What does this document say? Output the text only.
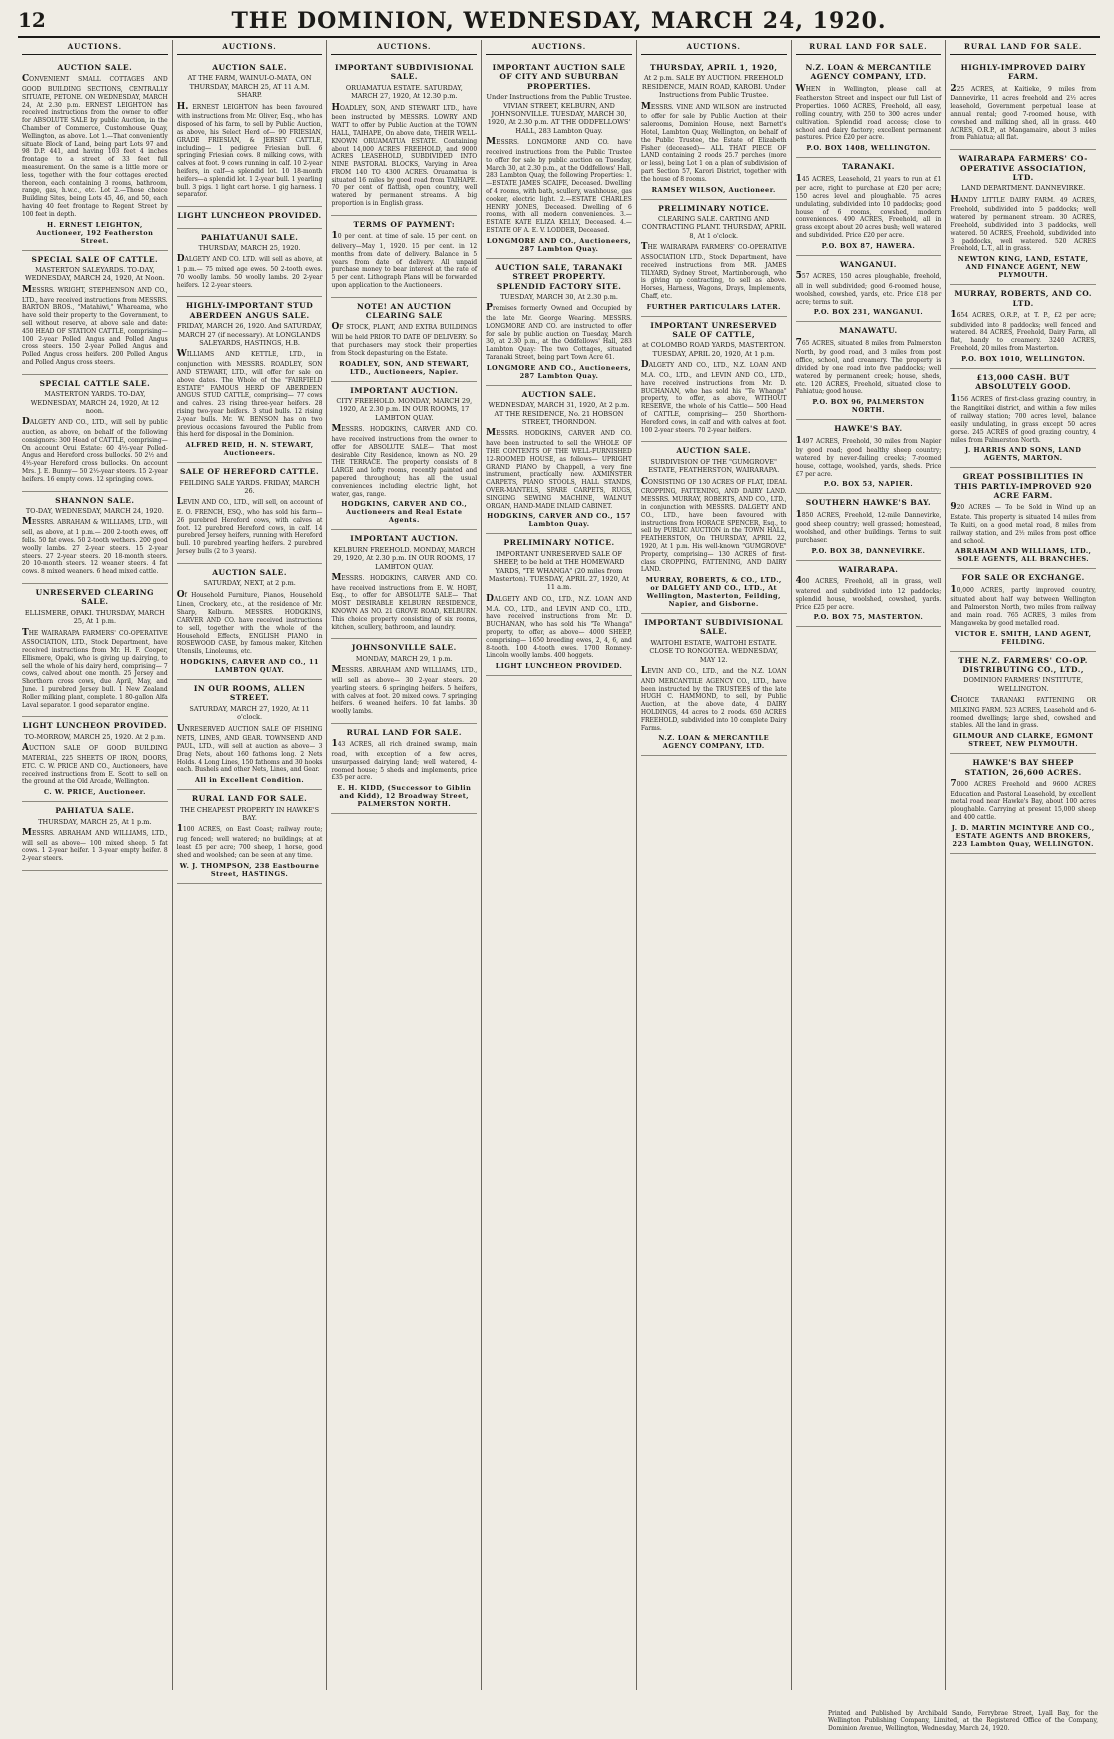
12	THE DOMINION, WEDNESDAY, MARCH 24, 1920.
AUCTIONS.
AUCTION SALE.
CONVENIENT SMALL COTTAGES AND GOOD BUILDING SECTIONS, CENTRALLY SITUATE, PETONE. ON WEDNESDAY, MARCH 24, At 2.30 p.m. ERNEST LEIGHTON has received instructions from the owner to offer for ABSOLUTE SALE by public Auction, in the Chamber of Commerce, Customhouse Quay, Wellington, as above. Lot 1.—That conveniently situate Block of Land, being part Lots 97 and 98 D.P. 441, and having 103 feet 4 inches frontage to a street of 33 feet full measurement. On the same is a little more or less, together with the four cottages erected thereon, each containing 3 rooms, bathroom, range, gas, h.w.c., etc. Lot 2.—Those choice Building Sites, being Lots 45, 46, and 50, each having 40 feet frontage to Regent Street by 100 feet in depth.
H. ERNEST LEIGHTON, Auctioneer, 192 Featherston Street.
SPECIAL SALE OF CATTLE.
MASTERTON SALEYARDS. TO-DAY, WEDNESDAY, MARCH 24, 1920, At Noon.
MESSRS. WRIGHT, STEPHENSON AND CO., LTD., have received instructions from MESSRS. BARTON BROS., "Matahiwi," Whareama, who have sold their property to the Government, to sell without reserve, at above sale and date: 450 HEAD OF STATION CATTLE, comprising— 100 2-year Polled Angus and Polled Angus cross steers. 150 2-year Polled Angus and Polled Angus cross heifers. 200 Polled Angus and Polled Angus cross steers.
SPECIAL CATTLE SALE.
MASTERTON YARDS. TO-DAY, WEDNESDAY, MARCH 24, 1920, At 12 noon.
DALGETY AND CO., LTD., will sell by public auction, as above, on behalf of the following consignors: 300 Head of CATTLE, comprising— On account Orui Estate: 60 4½-year Polled-Angus and Hereford cross bullocks. 50 2½ and 4½-year Hereford cross bullocks. On account Mrs. J. E. Bunny— 50 2½-year steers. 15 2-year heifers. 16 empty cows. 12 springing cows.
SHANNON SALE.
TO-DAY, WEDNESDAY, MARCH 24, 1920.
MESSRS. ABRAHAM & WILLIAMS, LTD., will sell, as above, at 1 p.m.— 200 2-tooth ewes, off fells. 50 fat ewes. 50 2-tooth wethers. 200 good woolly lambs. 27 2-year steers. 15 2-year steers. 27 2-year steers. 20 18-month steers. 20 10-month steers. 12 weaner steers. 4 fat cows. 8 mixed weaners. 6 head mixed cattle.
UNRESERVED CLEARING SALE.
ELLISMERE, OPAKI. THURSDAY, MARCH 25, At 1 p.m.
THE WAIRARAPA FARMERS' CO-OPERATIVE ASSOCIATION, LTD., Stock Department, have received instructions from Mr. H. F. Cooper, Ellismere, Opaki, who is giving up dairying, to sell the whole of his dairy herd, comprising— 7 cows, calved about one month. 25 Jersey and Shorthorn cross cows, due April, May, and June. 1 purebred Jersey bull. 1 New Zealand Roller milking plant, complete. 1 80-gallon Alfa Laval separator. 1 good separator engine.
LIGHT LUNCHEON PROVIDED.
TO-MORROW, MARCH 25, 1920. At 2 p.m.
AUCTION SALE OF GOOD BUILDING MATERIAL, 225 SHEETS OF IRON, DOORS, ETC. C. W. PRICE AND CO., Auctioneers, have received instructions from E. Scott to sell on the ground at the Old Arcade, Wellington.
C. W. PRICE, Auctioneer.
PAHIATUA SALE.
THURSDAY, MARCH 25, At 1 p.m.
MESSRS. ABRAHAM AND WILLIAMS, LTD., will sell as above— 100 mixed sheep. 5 fat cows. 1 2-year heifer. 1 3-year empty heifer. 8 2-year steers.
AUCTIONS.
AUCTION SALE.
AT THE FARM, WAINUI-O-MATA, ON THURSDAY, MARCH 25, AT 11 A.M. SHARP.
H. ERNEST LEIGHTON has been favoured with instructions from Mr. Oliver, Esq., who has disposed of his farm, to sell by Public Auction, as above, his Select Herd of— 90 FRIESIAN, GRADE FRIESIAN, & JERSEY CATTLE, including— 1 pedigree Friesian bull. 6 springing Friesian cows. 8 milking cows, with calves at foot. 9 cows running in calf. 10 2-year heifers, in calf—a splendid lot. 10 18-month heifers—a splendid lot. 1 2-year bull. 1 yearling bull. 3 pigs. 1 light cart horse. 1 gig harness. 1 separator.
LIGHT LUNCHEON PROVIDED.
PAHIATUANUI SALE.
THURSDAY, MARCH 25, 1920.
DALGETY AND CO. LTD. will sell as above, at 1 p.m.— 75 mixed age ewes. 50 2-tooth ewes. 70 woolly lambs. 50 woolly lambs. 20 2-year heifers. 12 2-year steers.
HIGHLY-IMPORTANT STUD ABERDEEN ANGUS SALE.
FRIDAY, MARCH 26, 1920. And SATURDAY, MARCH 27 (if necessary). At LONGLANDS SALEYARDS, HASTINGS, H.B.
WILLIAMS AND KETTLE, LTD., in conjunction with MESSRS. ROADLEY, SON AND STEWART, LTD., will offer for sale on above dates. The Whole of the "FAIRFIELD ESTATE" FAMOUS HERD OF ABERDEEN ANGUS STUD CATTLE, comprising— 77 cows and calves. 23 rising three-year heifers. 28 rising two-year heifers. 3 stud bulls. 12 rising 2-year bulls. Mr. W. BENSON has on two previous occasions favoured the Public from this herd for disposal in the Dominion.
ALFRED REID, H. N. STEWART, Auctioneers.
SALE OF HEREFORD CATTLE.
FEILDING SALE YARDS. FRIDAY, MARCH 26.
LEVIN AND CO., LTD., will sell, on account of E. O. FRENCH, ESQ., who has sold his farm— 26 purebred Hereford cows, with calves at foot. 12 purebred Hereford cows, in calf. 14 purebred Jersey heifers, running with Hereford bull. 10 purebred yearling heifers. 2 purebred Jersey bulls (2 to 3 years).
AUCTION SALE.
SATURDAY, NEXT, at 2 p.m.
Of Household Furniture, Pianos, Household Linen, Crockery, etc., at the residence of Mr. Sharp, Kelburn. MESSRS. HODGKINS, CARVER AND CO. have received instructions to sell, together with the whole of the Household Effects, ENGLISH PIANO in ROSEWOOD CASE, by famous maker, Kitchen Utensils, Linoleums, etc.
HODGKINS, CARVER AND CO., 11 LAMBTON QUAY.
IN OUR ROOMS, ALLEN STREET.
SATURDAY, MARCH 27, 1920, At 11 o'clock.
UNRESERVED AUCTION SALE OF FISHING NETS, LINES, AND GEAR. TOWNSEND AND PAUL, LTD., will sell at auction as above— 3 Drag Nets, about 160 fathoms long. 2 Nets Holds. 4 Long Lines, 150 fathoms and 30 hooks each. Bushels and other Nets, Lines, and Gear.
All in Excellent Condition.
RURAL LAND FOR SALE.
THE CHEAPEST PROPERTY IN HAWKE'S BAY.
1100 ACRES, on East Coast; railway route; rug fenced; well watered; no buildings; at at least £5 per acre; 700 sheep, 1 horse, good shed and woolshed; can be seen at any time.
W. J. THOMPSON, 238 Eastbourne Street, HASTINGS.
AUCTIONS.
IMPORTANT SUBDIVISIONAL SALE.
ORUAMATUA ESTATE. SATURDAY, MARCH 27, 1920, At 12.30 p.m.
HOADLEY, SON, AND STEWART LTD., have been instructed by MESSRS. LOWRY AND WATT to offer by Public Auction at the TOWN HALL, TAIHAPE, On above date, THEIR WELL-KNOWN ORUAMATUA ESTATE. Containing about 14,000 ACRES FREEHOLD, and 9000 ACRES LEASEHOLD, SUBDIVIDED INTO NINE PASTORAL BLOCKS, Varying in Area FROM 140 TO 4300 ACRES. Oruamatua is situated 16 miles by good road from TAIHAPE. 70 per cent of flattish, open country, well watered by permanent streams. A big proportion is in English grass.
TERMS OF PAYMENT:
10 per cent. at time of sale. 15 per cent. on delivery—May 1, 1920. 15 per cent. in 12 months from date of delivery. Balance in 5 years from date of delivery. All unpaid purchase money to bear interest at the rate of 5 per cent. Lithograph Plans will be forwarded upon application to the Auctioneers.
NOTE! AN AUCTION CLEARING SALE
OF STOCK, PLANT, AND EXTRA BUILDINGS Will be held PRIOR TO DATE OF DELIVERY. So that purchasers may stock their properties from Stock depasturing on the Estate.
ROADLEY, SON, AND STEWART, LTD., Auctioneers, Napier.
IMPORTANT AUCTION.
CITY FREEHOLD. MONDAY, MARCH 29, 1920, At 2.30 p.m. IN OUR ROOMS, 17 LAMBTON QUAY.
MESSRS. HODGKINS, CARVER AND CO. have received instructions from the owner to offer for ABSOLUTE SALE— That most desirable City Residence, known as NO. 29 THE TERRACE. The property consists of 8 LARGE and lofty rooms, recently painted and papered throughout; has all the usual conveniences including electric light, hot water, gas, range.
HODGKINS, CARVER AND CO., Auctioneers and Real Estate Agents.
IMPORTANT AUCTION.
KELBURN FREEHOLD. MONDAY, MARCH 29, 1920, At 2.30 p.m. IN OUR ROOMS, 17 LAMBTON QUAY.
MESSRS. HODGKINS, CARVER AND CO. have received instructions from E. W. HOBT, Esq., to offer for ABSOLUTE SALE— That MOST DESIRABLE KELBURN RESIDENCE, KNOWN AS NO. 21 GROVE ROAD, KELBURN. This choice property consisting of six rooms, kitchen, scullery, bathroom, and laundry.
JOHNSONVILLE SALE.
MONDAY, MARCH 29, 1 p.m.
MESSRS. ABRAHAM AND WILLIAMS, LTD., will sell as above— 30 2-year steers. 20 yearling steers. 6 springing heifers. 5 heifers, with calves at foot. 20 mixed cows. 7 springing heifers. 6 weaned heifers. 10 fat lambs. 30 woolly lambs.
RURAL LAND FOR SALE.
143 ACRES, all rich drained swamp, main road, with exception of a few acres, unsurpassed dairying land; well watered, 4-roomed house; 5 sheds and implements, price £35 per acre.
E. H. KIDD, (Successor to Giblin and Kidd), 12 Broadway Street, PALMERSTON NORTH.
AUCTIONS.
IMPORTANT AUCTION SALE OF CITY AND SUBURBAN PROPERTIES.
Under Instructions from the Public Trustee. VIVIAN STREET, KELBURN, AND JOHNSONVILLE. TUESDAY, MARCH 30, 1920, At 2.30 p.m. AT THE ODDFELLOWS' HALL, 283 Lambton Quay.
MESSRS. LONGMORE AND CO. have received instructions from the Public Trustee to offer for sale by public auction on Tuesday, March 30, at 2.30 p.m., at the Oddfellows' Hall, 283 Lambton Quay, the following Properties: 1.—ESTATE JAMES SCAIFE, Deceased. Dwelling of 4 rooms, with bath, scullery, washhouse, gas cooker, electric light. 2.—ESTATE CHARLES HENRY JONES, Deceased. Dwelling of 6 rooms, with all modern conveniences. 3.—ESTATE KATE ELIZA KELLY, Deceased. 4.—ESTATE OF A. E. V. LODDER, Deceased.
LONGMORE AND CO., Auctioneers, 287 Lambton Quay.
AUCTION SALE, TARANAKI STREET PROPERTY. SPLENDID FACTORY SITE.
TUESDAY, MARCH 30, At 2.30 p.m.
Premises formerly Owned and Occupied by the late Mr. George Wearing. MESSRS. LONGMORE AND CO. are instructed to offer for sale by public auction on Tuesday, March 30, at 2.30 p.m., at the Oddfellows' Hall, 283 Lambton Quay: The two Cottages, situated Taranaki Street, being part Town Acre 61.
LONGMORE AND CO., Auctioneers, 287 Lambton Quay.
AUCTION SALE.
WEDNESDAY, MARCH 31, 1920, At 2 p.m. AT THE RESIDENCE, No. 21 HOBSON STREET, THORNDON.
MESSRS. HODGKINS, CARVER AND CO. have been instructed to sell the WHOLE OF THE CONTENTS OF THE WELL-FURNISHED 12-ROOMED HOUSE, as follows— UPRIGHT GRAND PIANO by Chappell, a very fine instrument, practically new. AXMINSTER CARPETS, PIANO STOOLS, HALL STANDS, OVER-MANTELS, SPARE CARPETS, RUGS, SINGING SEWING MACHINE, WALNUT ORGAN, HAND-MADE INLAID CABINET.
HODGKINS, CARVER AND CO., 157 Lambton Quay.
PRELIMINARY NOTICE.
IMPORTANT UNRESERVED SALE OF SHEEP, to be held at THE HOMEWARD YARDS, "TE WHANGA" (20 miles from Masterton). TUESDAY, APRIL 27, 1920, At 11 a.m.
DALGETY AND CO., LTD., N.Z. LOAN AND M.A. CO., LTD., and LEVIN AND CO., LTD., have received instructions from Mr. D. BUCHANAN, who has sold his "Te Whanga" property, to offer, as above— 4000 SHEEP, comprising— 1650 breeding ewes, 2, 4, 6, and 8-tooth. 100 4-tooth ewes. 1700 Romney-Lincoln woolly lambs. 400 hoggets.
LIGHT LUNCHEON PROVIDED.
AUCTIONS.
THURSDAY, APRIL 1, 1920,
At 2 p.m. SALE BY AUCTION. FREEHOLD RESIDENCE, MAIN ROAD, KAROBI. Under Instructions from Public Trustee.
MESSRS. VINE AND WILSON are instructed to offer for sale by Public Auction at their salerooms, Dominion House, next Barnett's Hotel, Lambton Quay, Wellington, on behalf of the Public Trustee, the Estate of Elizabeth Fisher (deceased)— ALL THAT PIECE OF LAND containing 2 roods 25.7 perches (more or less), being Lot 1 on a plan of subdivision of part Section 57, Karori District, together with the house of 8 rooms.
RAMSEY WILSON, Auctioneer.
PRELIMINARY NOTICE.
CLEARING SALE. CARTING AND CONTRACTING PLANT. THURSDAY, APRIL 8, At 1 o'clock.
THE WAIRARAPA FARMERS' CO-OPERATIVE ASSOCIATION LTD., Stock Department, have received instructions from MR. JAMES TILYARD, Sydney Street, Martinborough, who is giving up contracting, to sell as above. Horses, Harness, Wagons, Drays, Implements, Chaff, etc.
FURTHER PARTICULARS LATER.
IMPORTANT UNRESERVED SALE OF CATTLE,
at COLOMBO ROAD YARDS, MASTERTON. TUESDAY, APRIL 20, 1920, At 1 p.m.
DALGETY AND CO., LTD., N.Z. LOAN AND M.A. CO., LTD., and LEVIN AND CO., LTD., have received instructions from Mr. D. BUCHANAN, who has sold his "Te Whanga" property, to offer, as above, WITHOUT RESERVE, the whole of his Cattle— 500 Head of CATTLE, comprising— 250 Shorthorn-Hereford cows, in calf and with calves at foot. 100 2-year steers. 70 2-year heifers.
AUCTION SALE.
SUBDIVISION OF THE "GUMGROVE" ESTATE, FEATHERSTON, WAIRARAPA.
CONSISTING OF 130 ACRES OF FLAT, IDEAL CROPPING, FATTENING, AND DAIRY LAND. MESSRS. MURRAY, ROBERTS, AND CO., LTD., in conjunction with MESSRS. DALGETY AND CO., LTD., have been favoured with instructions from HORACE SPENCER, Esq., to sell by PUBLIC AUCTION in the TOWN HALL, FEATHERSTON, On THURSDAY, APRIL 22, 1920, At 1 p.m. His well-known "GUMGROVE" Property, comprising— 130 ACRES of first-class CROPPING, FATTENING, AND DAIRY LAND.
MURRAY, ROBERTS, & CO., LTD., or DALGETY AND CO., LTD., At Wellington, Masterton, Feilding, Napier, and Gisborne.
IMPORTANT SUBDIVISIONAL SALE.
WAITOHI ESTATE, WAITOHI ESTATE. CLOSE TO RONGOTEA. WEDNESDAY, MAY 12.
LEVIN AND CO., LTD., and the N.Z. LOAN AND MERCANTILE AGENCY CO., LTD., have been instructed by the TRUSTEES of the late HUGH C. HAMMOND, to sell, by Public Auction, at the above date, 4 DAIRY HOLDINGS, 44 acres to 2 roods. 650 ACRES FREEHOLD, subdivided into 10 complete Dairy Farms.
N.Z. LOAN & MERCANTILE AGENCY COMPANY, LTD.
RURAL LAND FOR SALE.
N.Z. LOAN & MERCANTILE AGENCY COMPANY, LTD.
WHEN in Wellington, please call at Featherston Street and inspect our full List of Properties. 1060 ACRES, Freehold, all easy, rolling country, with 250 to 300 acres under cultivation. Splendid road access; close to school and dairy factory; excellent permanent pastures. Price £20 per acre.
P.O. BOX 1408, WELLINGTON.
TARANAKI.
145 ACRES, Leasehold, 21 years to run at £1 per acre, right to purchase at £20 per acre; 150 acres level and ploughable. 75 acres undulating, subdivided into 10 paddocks; good house of 6 rooms, cowshed, modern conveniences. 490 ACRES, Freehold, all in grass except about 20 acres bush; well watered and subdivided. Price £20 per acre.
P.O. BOX 87, HAWERA.
WANGANUI.
557 ACRES, 150 acres ploughable, freehold, all in well subdivided; good 6-roomed house, woolshed, cowshed, yards, etc. Price £18 per acre; terms to suit.
P.O. BOX 231, WANGANUI.
MANAWATU.
765 ACRES, situated 8 miles from Palmerston North, by good road, and 3 miles from post office, school, and creamery. The property is divided by one road into five paddocks; well watered by permanent creek; house, sheds, etc. 120 ACRES, Freehold, situated close to Pahiatua; good house.
P.O. BOX 96, PALMERSTON NORTH.
HAWKE'S BAY.
1497 ACRES, Freehold, 30 miles from Napier by good road; good healthy sheep country; watered by never-failing creeks; 7-roomed house, cottage, woolshed, yards, sheds. Price £7 per acre.
P.O. BOX 53, NAPIER.
SOUTHERN HAWKE'S BAY.
1850 ACRES, Freehold, 12-mile Dannevirke, good sheep country; well grassed; homestead, woolshed, and other buildings. Terms to suit purchaser.
P.O. BOX 38, DANNEVIRKE.
WAIRARAPA.
400 ACRES, Freehold, all in grass, well watered and subdivided into 12 paddocks; splendid house, woolshed, cowshed, yards. Price £25 per acre.
P.O. BOX 75, MASTERTON.
RURAL LAND FOR SALE.
HIGHLY-IMPROVED DAIRY FARM.
225 ACRES, at Kaitieke, 9 miles from Dannevirke, 11 acres freehold and 2½ acres leasehold, Government perpetual lease at annual rental; good 7-roomed house, with cowshed and milking shed, all in grass. 440 ACRES, O.R.P., at Mangamaire, about 3 miles from Pahiatua; all flat.
WAIRARAPA FARMERS' CO-OPERATIVE ASSOCIATION, LTD.
LAND DEPARTMENT. DANNEVIRKE.
HANDY LITTLE DAIRY FARM. 49 ACRES, Freehold, subdivided into 5 paddocks; well watered by permanent stream. 30 ACRES, Freehold, subdivided into 3 paddocks, well watered. 50 ACRES, Freehold, subdivided into 3 paddocks, well watered. 520 ACRES Freehold, L.T., all in grass.
NEWTON KING, LAND, ESTATE, AND FINANCE AGENT, NEW PLYMOUTH.
MURRAY, ROBERTS, AND CO. LTD.
1654 ACRES, O.R.P., at T. P., £2 per acre; subdivided into 8 paddocks; well fenced and watered. 84 ACRES, Freehold, Dairy Farm, all flat, handy to creamery. 3240 ACRES, Freehold, 20 miles from Masterton.
P.O. BOX 1010, WELLINGTON.
£13,000 CASH. BUT ABSOLUTELY GOOD.
1156 ACRES of first-class grazing country, in the Rangitikei district, and within a few miles of railway station; 700 acres level, balance easily undulating, in grass except 50 acres gorse. 245 ACRES of good grazing country, 4 miles from Palmerston North.
J. HARRIS AND SONS, LAND AGENTS, MARTON.
GREAT POSSIBILITIES IN THIS PARTLY-IMPROVED 920 ACRE FARM.
920 ACRES — To be Sold in Wind up an Estate. This property is situated 14 miles from Te Kuiti, on a good metal road, 8 miles from railway station, and 2½ miles from post office and school.
ABRAHAM AND WILLIAMS, LTD., SOLE AGENTS, ALL BRANCHES.
FOR SALE OR EXCHANGE.
10,000 ACRES, partly improved country, situated about half way between Wellington and Palmerston North, two miles from railway and main road. 765 ACRES, 3 miles from Mangaweka by good metalled road.
VICTOR E. SMITH, LAND AGENT, FEILDING.
THE N.Z. FARMERS' CO-OP. DISTRIBUTING CO., LTD.,
DOMINION FARMERS' INSTITUTE, WELLINGTON.
CHOICE TARANAKI FATTENING OR MILKING FARM. 523 ACRES, Leasehold and 6-roomed dwellings; large shed, cowshed and stables. All the land in grass.
GILMOUR AND CLARKE, EGMONT STREET, NEW PLYMOUTH.
HAWKE'S BAY SHEEP STATION, 26,600 ACRES.
7000 ACRES Freehold and 9600 ACRES Education and Pastoral Leasehold, by excellent metal road near Hawke's Bay, about 100 acres ploughable. Carrying at present 15,000 sheep and 400 cattle.
J. D. MARTIN MCINTYRE AND CO., ESTATE AGENTS AND BROKERS, 223 Lambton Quay, WELLINGTON.
Printed and Published by Archibald Sando, Ferrybrae Street, Lyall Bay, for the Wellington Publishing Company, Limited, at the Registered Office of the Company, Dominion Avenue, Wellington, Wednesday, March 24, 1920.
